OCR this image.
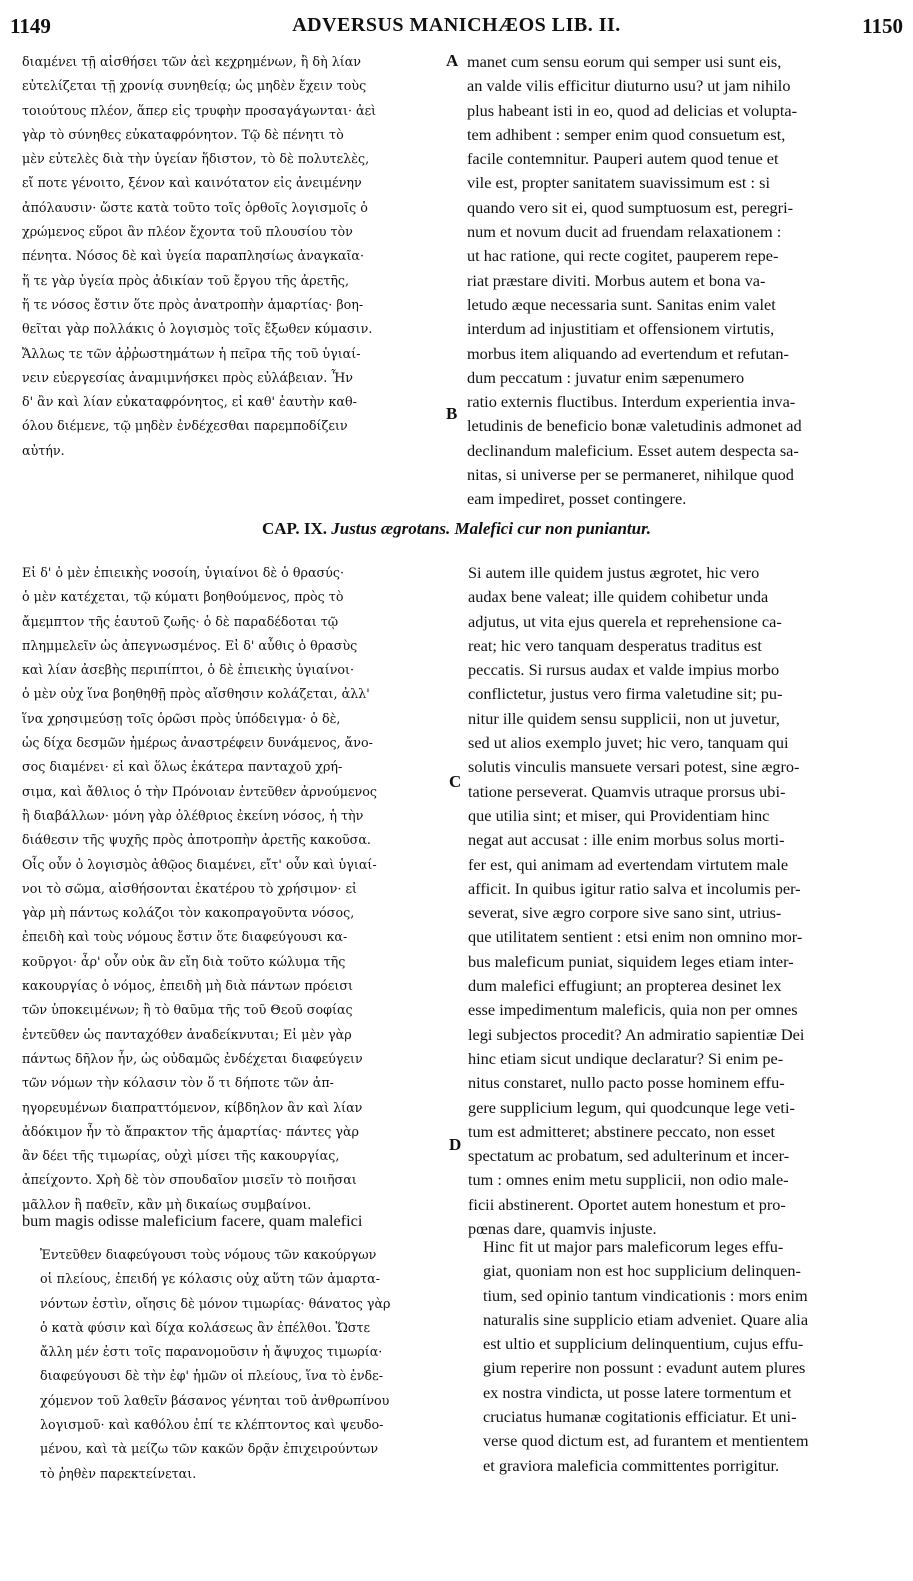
1149	ADVERSUS MANICHÆOS LIB. II.	1150
διαμένει τῇ αἰσθήσει τῶν ἀεὶ κεχρημένων, ἢ δὴ λίαν
εὐτελίζεται τῇ χρονίᾳ συνηθείᾳ; ὡς μηδὲν ἔχειν τοὺς
τοιούτους πλέον, ἅπερ εἰς τρυφὴν προσαγάγωνται· ἀεὶ
γὰρ τὸ σύνηθες εὐκαταφρόνητον. Τῷ δὲ πένητι τὸ
μὲν εὐτελὲς διὰ τὴν ὑγείαν ἥδιστον, τὸ δὲ πολυτελὲς,
εἴ ποτε γένοιτο, ξένον καὶ καινότατον εἰς ἀνειμένην
ἀπόλαυσιν· ὥστε κατὰ τοῦτο τοῖς ὀρθοῖς λογισμοῖς ὁ
χρώμενος εὕροι ἂν πλέον ἔχοντα τοῦ πλουσίου τὸν
πένητα. Νόσος δὲ καὶ ὑγεία παραπλησίως ἀναγκαῖα·
ἥ τε γὰρ ὑγεία πρὸς ἀδικίαν τοῦ ἔργου τῆς ἀρετῆς,
ἥ τε νόσος ἔστιν ὅτε πρὸς ἀνατροπὴν ἁμαρτίας· βοη-
θεῖται γὰρ πολλάκις ὁ λογισμὸς τοῖς ἔξωθεν κύμασιν.
Ἄλλως τε τῶν ἀῤῥωστημάτων ἡ πεῖρα τῆς τοῦ ὑγιαί-
νειν εὐεργεσίας ἀναμιμνήσκει πρὸς εὐλάβειαν. Ἦν
δ' ἂν καὶ λίαν εὐκαταφρόνητος, εἰ καθ' ἑαυτὴν καθ-
όλου διέμενε, τῷ μηδὲν ἐνδέχεσθαι παρεμποδίζειν
αὐτήν.
A manet cum sensu eorum qui semper usi sunt eis,
an valde vilis efficitur diuturno usu? ut jam nihilo
plus habeant isti in eo, quod ad delicias et volupta-
tem adhibent : semper enim quod consuetum est,
facile contemnitur. Pauperi autem quod tenue et
vile est, propter sanitatem suavissimum est : si
quando vero sit ei, quod sumptuosum est, peregri-
num et novum ducit ad fruendam relaxationem :
ut hac ratione, qui recte cogitet, pauperem repe-
riat præstare diviti. Morbus autem et bona va-
letudo æque necessaria sunt. Sanitas enim valet
interdum ad injustitiam et offensionem virtutis,
morbus item aliquando ad evertendum et refutan-
dum peccatum : juvatur enim sæpenumero
ratio externis fluctibus. Interdum experientia inva-
letudinis de beneficio bonæ valetudinis admonet ad
declinandum maleficium. Esset autem despecta sa-
nitas, si universe per se permaneret, nihilque quod
eam impediret, posset contingere.
B
CAP. IX. Justus ægrotans. Malefici cur non puniantur.
Εἰ δ' ὁ μὲν ἐπιεικὴς νοσοίη, ὑγιαίνοι δὲ ὁ θρασύς·
ὁ μὲν κατέχεται, τῷ κύματι βοηθούμενος, πρὸς τὸ
ἄμεμπτον τῆς ἑαυτοῦ ζωῆς· ὁ δὲ παραδέδοται τῷ
πλημμελεῖν ὡς ἀπεγνωσμένος. Εἰ δ' αὖθις ὁ θρασὺς
καὶ λίαν ἀσεβὴς περιπίπτοι, ὁ δὲ ἐπιεικὴς ὑγιαίνοι·
ὁ μὲν οὐχ ἵνα βοηθηθῇ πρὸς αἴσθησιν κολάζεται, ἀλλ'
ἵνα χρησιμεύσῃ τοῖς ὁρῶσι πρὸς ὑπόδειγμα· ὁ δὲ,
ὡς δίχα δεσμῶν ἡμέρως ἀναστρέφειν δυνάμενος, ἄνο-
σος διαμένει· εἰ καὶ ὅλως ἑκάτερα πανταχοῦ χρή-
σιμα, καὶ ἄθλιος ὁ τὴν Πρόνοιαν ἐντεῦθεν ἀρνούμενος
ἢ διαβάλλων· μόνη γὰρ ὀλέθριος ἐκείνη νόσος, ἡ τὴν
διάθεσιν τῆς ψυχῆς πρὸς ἀποτροπὴν ἀρετῆς κακοῦσα.
Οἷς οὖν ὁ λογισμὸς ἀθῷος διαμένει, εἴτ' οὖν καὶ ὑγιαί-
νοι τὸ σῶμα, αἰσθήσονται ἑκατέρου τὸ χρήσιμον· εἰ
γὰρ μὴ πάντως κολάζοι τὸν κακοπραγοῦντα νόσος,
ἐπειδὴ καὶ τοὺς νόμους ἔστιν ὅτε διαφεύγουσι κα-
κοῦργοι· ἆρ' οὖν οὐκ ἂν εἴη διὰ τοῦτο κώλυμα τῆς
κακουργίας ὁ νόμος, ἐπειδὴ μὴ διὰ πάντων πρόεισι
τῶν ὑποκειμένων; ἢ τὸ θαῦμα τῆς τοῦ Θεοῦ σοφίας
ἐντεῦθεν ὡς πανταχόθεν ἀναδείκνυται; Εἰ μὲν γὰρ
πάντως δῆλον ἦν, ὡς οὐδαμῶς ἐνδέχεται διαφεύγειν
τῶν νόμων τὴν κόλασιν τὸν ὅ τι δήποτε τῶν ἀπ-
ηγορευμένων διαπραττόμενον, κίβδηλον ἂν καὶ λίαν
ἀδόκιμον ἦν τὸ ἄπρακτον τῆς ἁμαρτίας· πάντες γὰρ
ἂν δέει τῆς τιμωρίας, οὐχὶ μίσει τῆς κακουργίας,
ἀπείχοντο. Χρὴ δὲ τὸν σπουδαῖον μισεῖν τὸ ποιῆσαι
μᾶλλον ἢ παθεῖν, κἂν μὴ δικαίως συμβαίνοι.
C
Si autem ille quidem justus ægrotet, hic vero
audax bene valeat; ille quidem cohibetur unda
adjutus, ut vita ejus querela et reprehensione ca-
reat; hic vero tanquam desperatus traditus est
peccatis. Si rursus audax et valde impius morbo
conflictetur, justus vero firma valetudine sit; pu-
nitur ille quidem sensu supplicii, non ut juvetur,
sed ut alios exemplo juvet; hic vero, tanquam qui
solutis vinculis mansuete versari potest, sine ægro-
tatione perseverat. Quamvis utraque prorsus ubi-
que utilia sint; et miser, qui Providentiam hinc
negat aut accusat : ille enim morbus solus morti-
fer est, qui animam ad evertendam virtutem male
afficit. In quibus igitur ratio salva et incolumis per-
severat, sive ægro corpore sive sano sint, utrius-
que utilitatem sentient : etsi enim non omnino mor-
bus maleficum puniat, siquidem leges etiam inter-
dum malefici effugiunt; an propterea desinet lex
esse impedimentum maleficis, quia non per omnes
legi subjectos procedit? An admiratio sapientiæ Dei
hinc etiam sicut undique declaratur? Si enim pe-
nitus constaret, nullo pacto posse hominem effu-
gere supplicium legum, qui quodcunque lege veti-
tum est admitteret; abstinere peccato, non esset
spectatum ac probatum, sed adulterinum et incer-
tum : omnes enim metu supplicii, non odio male-
ficii abstinerent. Oportet autem honestum et pro-
pœnas dare, quamvis injuste.
D
bum magis odisse maleficium facere, quam malefici
Ἐντεῦθεν διαφεύγουσι τοὺς νόμους τῶν κακούργων
οἱ πλείους, ἐπειδή γε κόλασις οὐχ αὕτη τῶν ἁμαρτα-
νόντων ἐστὶν, οἴησις δὲ μόνον τιμωρίας· θάνατος γὰρ
ὁ κατὰ φύσιν καὶ δίχα κολάσεως ἂν ἐπέλθοι. Ὥστε
ἄλλη μέν ἐστι τοῖς παρανομοῦσιν ἡ ἄψυχος τιμωρία·
διαφεύγουσι δὲ τὴν ἐφ' ἡμῶν οἱ πλείους, ἵνα τὸ ἐνδε-
χόμενον τοῦ λαθεῖν βάσανος γένηται τοῦ ἀνθρωπίνου
λογισμοῦ· καὶ καθόλου ἐπί τε κλέπτοντος καὶ ψευδο-
μένου, καὶ τὰ μείζω τῶν κακῶν δρᾷν ἐπιχειρούντων
τὸ ῥηθὲν παρεκτείνεται.
Hinc fit ut major pars maleficorum leges effu-
giat, quoniam non est hoc supplicium delinquen-
tium, sed opinio tantum vindicationis : mors enim
naturalis sine supplicio etiam adveniet. Quare alia
est ultio et supplicium delinquentium, cujus effu-
gium reperire non possunt : evadunt autem plures
ex nostra vindicta, ut posse latere tormentum et
cruciatus humanæ cogitationis efficiatur. Et uni-
verse quod dictum est, ad furantem et mentientem
et graviora maleficia committentes porrigitur.
